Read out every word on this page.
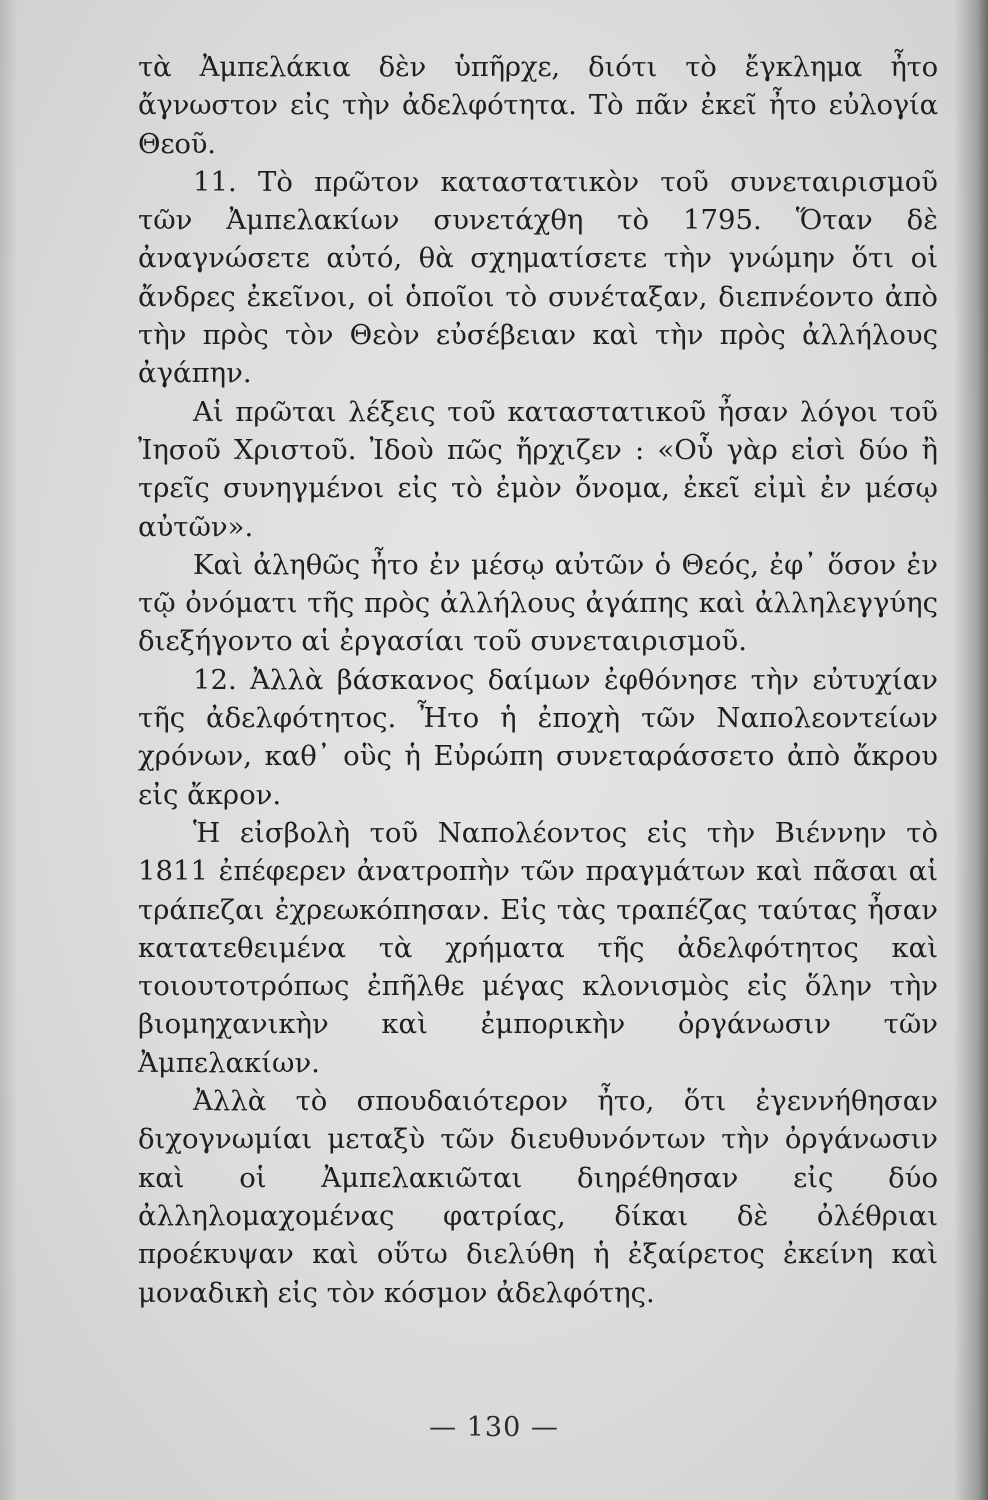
τὰ Ἀμπελάκια δὲν ὑπῆρχε, διότι τὸ ἔγκλημα ἦτο ἄγνωστον εἰς τὴν ἀδελφότητα. Τὸ πᾶν ἐκεῖ ἦτο εὐλογία Θεοῦ.

11. Τὸ πρῶτον καταστατικὸν τοῦ συνεταιρισμοῦ τῶν Ἀμπελακίων συνετάχθη τὸ 1795. Ὅταν δὲ ἀναγνώσετε αὐτό, θὰ σχηματίσετε τὴν γνώμην ὅτι οἱ ἄνδρες ἐκεῖνοι, οἱ ὁποῖοι τὸ συνέταξαν, διεπνέοντο ἀπὸ τὴν πρὸς τὸν Θεὸν εὐσέβειαν καὶ τὴν πρὸς ἀλλήλους ἀγάπην.

Αἱ πρῶται λέξεις τοῦ καταστατικοῦ ἦσαν λόγοι τοῦ Ἰησοῦ Χριστοῦ. Ἰδοὺ πῶς ἤρχιζεν : «Οὗ γὰρ εἰσὶ δύο ἢ τρεῖς συνηγμένοι εἰς τὸ ἐμὸν ὄνομα, ἐκεῖ εἰμὶ ἐν μέσῳ αὐτῶν».

Καὶ ἀληθῶς ἦτο ἐν μέσῳ αὐτῶν ὁ Θεός, ἐφ᾿ ὅσον ἐν τῷ ὀνόματι τῆς πρὸς ἀλλήλους ἀγάπης καὶ ἀλληλεγγύης διεξήγοντο αἱ ἐργασίαι τοῦ συνεταιρισμοῦ.

12. Ἀλλὰ βάσκανος δαίμων ἐφθόνησε τὴν εὐτυχίαν τῆς ἀδελφότητος. Ἦτο ἡ ἐποχὴ τῶν Ναπολεοντείων χρόνων, καθ᾿ οὓς ἡ Εὐρώπη συνεταράσσετο ἀπὸ ἄκρου εἰς ἄκρον.

Ἡ εἰσβολὴ τοῦ Ναπολέοντος εἰς τὴν Βιέννην τὸ 1811 ἐπέφερεν ἀνατροπὴν τῶν πραγμάτων καὶ πᾶσαι αἱ τράπεζαι ἐχρεωκόπησαν. Εἰς τὰς τραπέζας ταύτας ἦσαν κατατεθειμένα τὰ χρήματα τῆς ἀδελφότητος καὶ τοιουτοτρόπως ἐπῆλθε μέγας κλονισμὸς εἰς ὅλην τὴν βιομηχανικὴν καὶ ἐμπορικὴν ὀργάνωσιν τῶν Ἀμπελακίων.

Ἀλλὰ τὸ σπουδαιότερον ἦτο, ὅτι ἐγεννήθησαν διχογνωμίαι μεταξὺ τῶν διευθυνόντων τὴν ὀργάνωσιν καὶ οἱ Ἀμπελακιῶται διηρέθησαν εἰς δύο ἀλληλομαχομένας φατρίας, δίκαι δὲ ὀλέθριαι προέκυψαν καὶ οὕτω διελύθη ἡ ἐξαίρετος ἐκείνη καὶ μοναδικὴ εἰς τὸν κόσμον ἀδελφότης.

— 130 —
